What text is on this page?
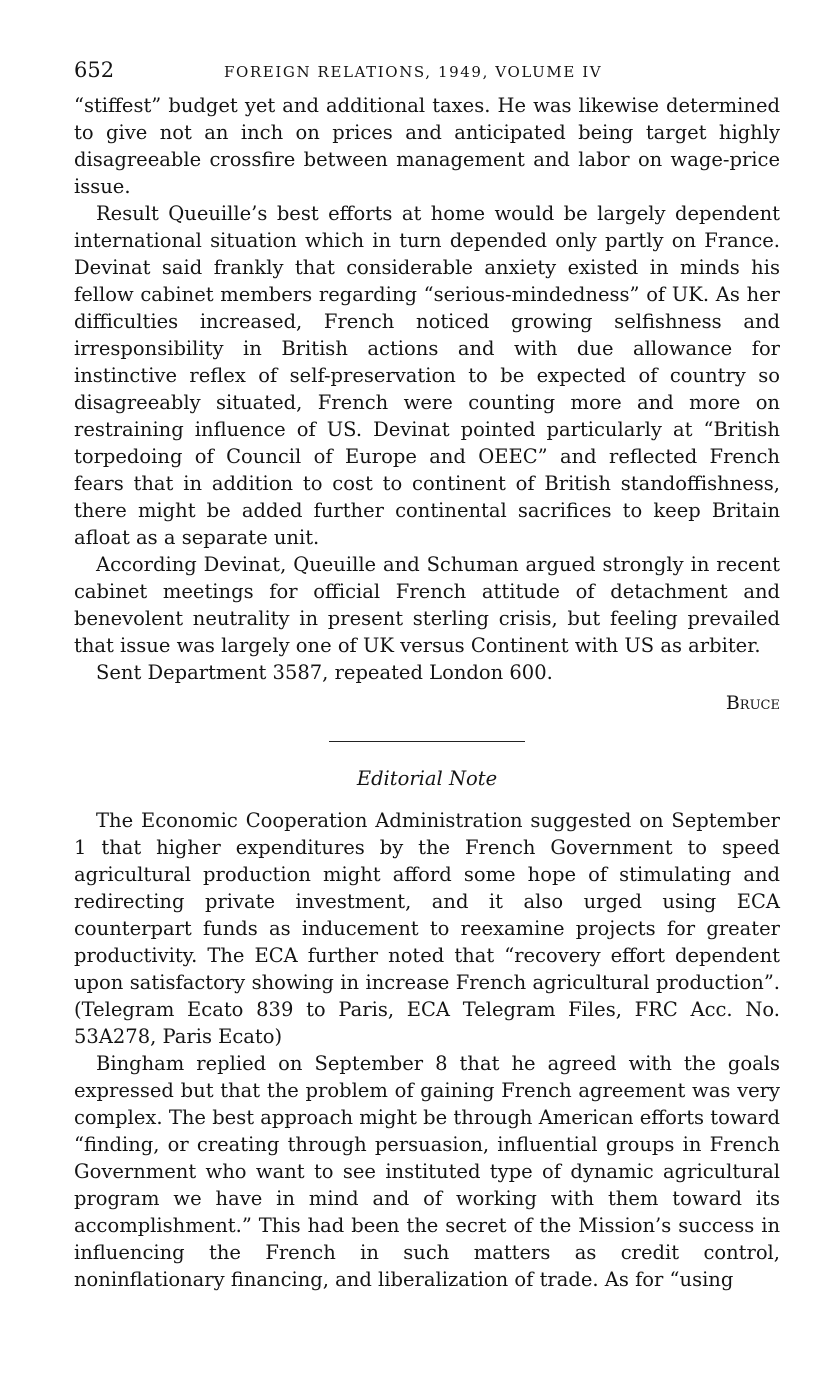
652	FOREIGN RELATIONS, 1949, VOLUME IV

“stiffest” budget yet and additional taxes. He was likewise determined to give not an inch on prices and anticipated being target highly disagreeable crossfire between management and labor on wage-price issue.

Result Queuille’s best efforts at home would be largely dependent international situation which in turn depended only partly on France. Devinat said frankly that considerable anxiety existed in minds his fellow cabinet members regarding “serious-mindedness” of UK. As her difficulties increased, French noticed growing selfishness and irresponsibility in British actions and with due allowance for instinctive reflex of self-preservation to be expected of country so disagreeably situated, French were counting more and more on restraining influence of US. Devinat pointed particularly at “British torpedoing of Council of Europe and OEEC” and reflected French fears that in addition to cost to continent of British standoffishness, there might be added further continental sacrifices to keep Britain afloat as a separate unit.

According Devinat, Queuille and Schuman argued strongly in recent cabinet meetings for official French attitude of detachment and benevolent neutrality in present sterling crisis, but feeling prevailed that issue was largely one of UK versus Continent with US as arbiter.

Sent Department 3587, repeated London 600.

Bruce
Editorial Note

The Economic Cooperation Administration suggested on September 1 that higher expenditures by the French Government to speed agricultural production might afford some hope of stimulating and redirecting private investment, and it also urged using ECA counterpart funds as inducement to reexamine projects for greater productivity. The ECA further noted that “recovery effort dependent upon satisfactory showing in increase French agricultural production”. (Telegram Ecato 839 to Paris, ECA Telegram Files, FRC Acc. No. 53A278, Paris Ecato)

Bingham replied on September 8 that he agreed with the goals expressed but that the problem of gaining French agreement was very complex. The best approach might be through American efforts toward “finding, or creating through persuasion, influential groups in French Government who want to see instituted type of dynamic agricultural program we have in mind and of working with them toward its accomplishment.” This had been the secret of the Mission’s success in influencing the French in such matters as credit control, noninflationary financing, and liberalization of trade. As for “using
